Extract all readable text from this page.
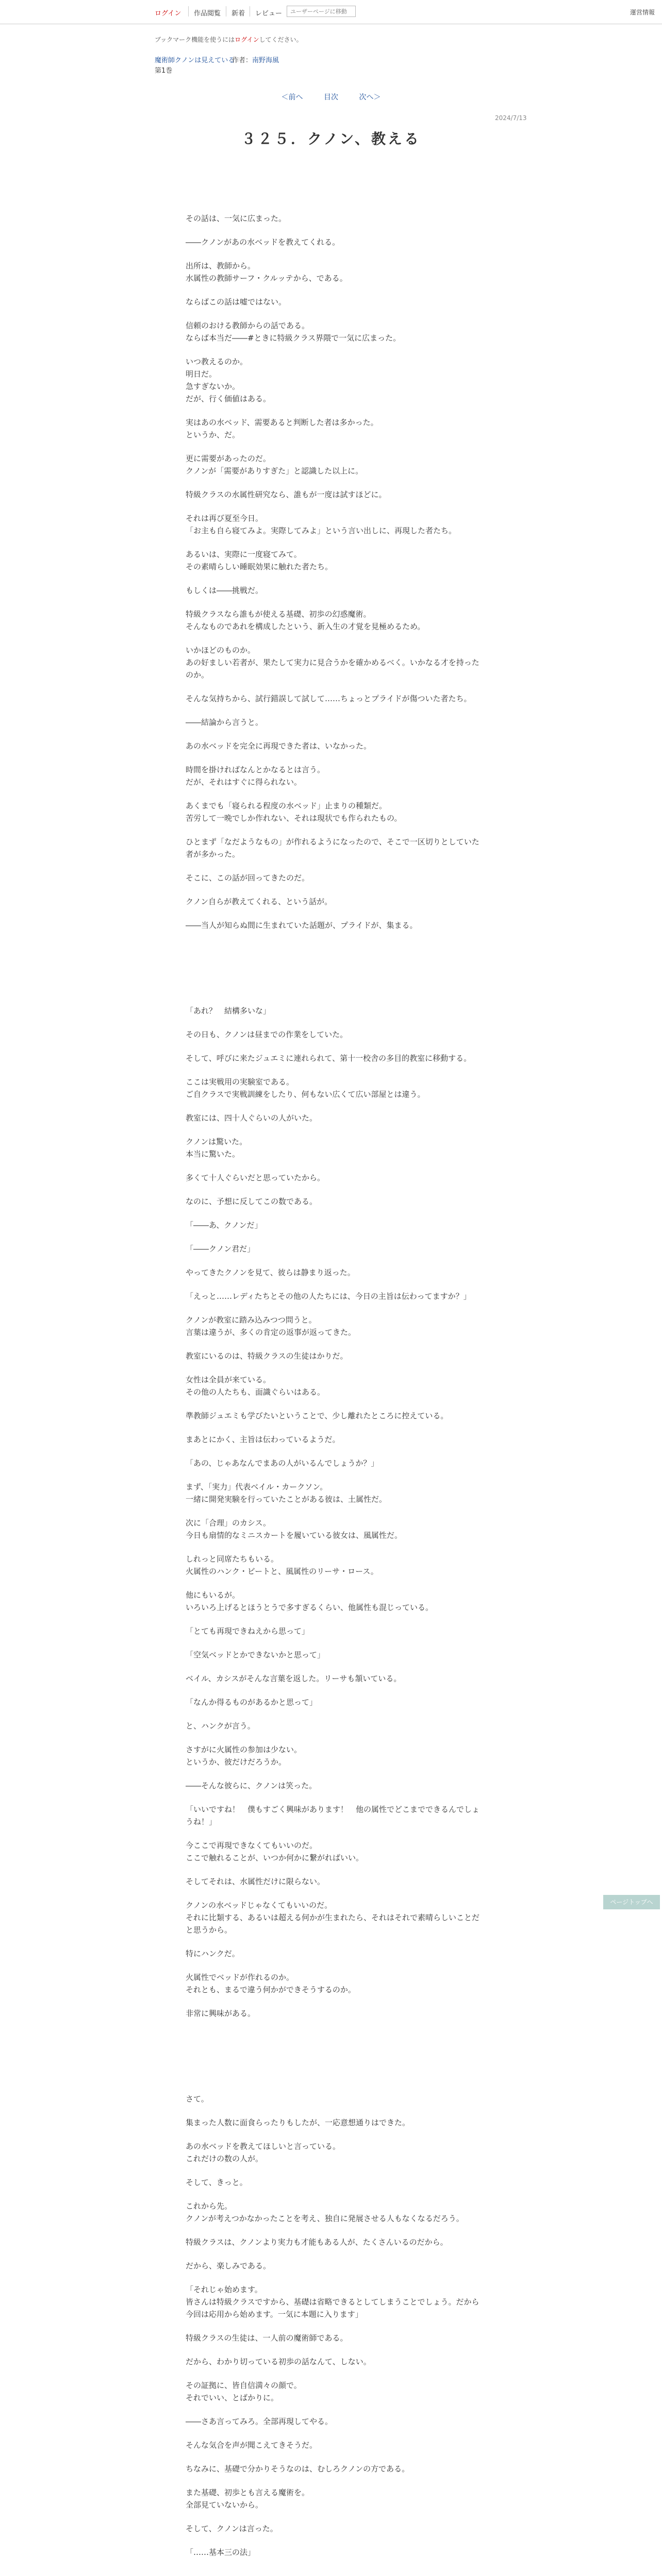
ログイン 作品閲覧 新着 レビュー
ユーザーページに移動	運営情報
ブックマーク機能を使うにはログインしてください。
魔術師クノンは見えている
作者：南野海風
第1巻
＜前へ	目次	次へ＞
2024/7/13
３２５．クノン、教える

その話は、一気に広まった。

――クノンがあの水ベッドを教えてくれる。

出所は、教師から。
水属性の教師サーフ・クルッテから、である。

ならばこの話は嘘ではない。

信頼のおける教師からの話である。
ならば本当だ――#ときに特級クラス界隈で一気に広まった。

いつ教えるのか。
明日だ。
急すぎないか。
だが、行く価値はある。

実はあの水ベッド、需要あると判断した者は多かった。
というか、だ。

更に需要があったのだ。
クノンが「需要がありすぎた」と認識した以上に。

特級クラスの水属性研究なら、誰もが一度は試すほどに。

それは再び夏至今日。
「お主も自ら寝てみよ。実際してみよ」という言い出しに、再現した者たち。

あるいは、実際に一度寝てみて。
その素晴らしい睡眠効果に触れた者たち。

もしくは――挑戦だ。

特級クラスなら誰もが使える基礎、初歩の幻惑魔術。
そんなものであれを構成したという、新入生の才覚を見極めるため。

いかほどのものか。
あの好ましい若者が、果たして実力に見合うかを確かめるべく。いかなる才を持ったのか。

そんな気持ちから、試行錯誤して試して……ちょっとプライドが傷ついた者たち。

――結論から言うと。

あの水ベッドを完全に再現できた者は、いなかった。

時間を掛ければなんとかなるとは言う。
だが、それはすぐに得られない。

あくまでも「寝られる程度の水ベッド」止まりの種類だ。
苦労して一晩でしか作れない、それは現状でも作られたもの。

ひとまず「なだようなもの」が作れるようになったので、そこで一区切りとしていた者が多かった。

そこに、この話が回ってきたのだ。

クノン自らが教えてくれる、という話が。

――当人が知らぬ間に生まれていた話題が、プライドが、集まる。

「あれ？　結構多いな」

その日も、クノンは昼までの作業をしていた。

そして、呼びに来たジュエミに連れられて、第十一校舎の多目的教室に移動する。

ここは実戦用の実験室である。
ご自クラスで実戦訓練をしたり、何もない広くて広い部屋とは違う。

教室には、四十人ぐらいの人がいた。

クノンは驚いた。
本当に驚いた。

多くて十人ぐらいだと思っていたから。

なのに、予想に反してこの数である。

「――あ、クノンだ」

「――クノン君だ」

やってきたクノンを見て、彼らは静まり返った。

「えっと……レディたちとその他の人たちには、今日の主旨は伝わってますか？」

クノンが教室に踏み込みつつ問うと。
言葉は違うが、多くの肯定の返事が返ってきた。

教室にいるのは、特級クラスの生徒はかりだ。

女性は全員が来ている。
その他の人たちも、面識ぐらいはある。

準教師ジュエミも学びたいということで、少し離れたところに控えている。

まあとにかく、主旨は伝わっているようだ。

「あの、じゃあなんでまあの人がいるんでしょうか？」

まず、「実力」代表ベイル・カークソン。
一緒に開発実験を行っていたことがある彼は、土属性だ。

次に「合理」のカシス。
今日も扇情的なミニスカートを履いている彼女は、風属性だ。

しれっと同席たちもいる。
火属性のハンク・ビートと、風属性のリーサ・ロース。

他にもいるが。
いろいろ上げるとほうとうで多すぎるくらい、他属性も混じっている。

「とても再現できねえから思って」

「空気ベッドとかできないかと思って」

ベイル、カシスがそんな言葉を返した。リーサも頷いている。

「なんか得るものがあるかと思って」

と、ハンクが言う。

さすがに火属性の参加は少ない。
というか、彼だけだろうか。

――そんな彼らに、クノンは笑った。

「いいですね！　僕もすごく興味があります！　他の属性でどこまでできるんでしょうね！」

今ここで再現できなくてもいいのだ。
ここで触れることが、いつか何かに繋がればいい。

そしてそれは、水属性だけに限らない。

クノンの水ベッドじゃなくてもいいのだ。
それに比類する、あるいは超える何かが生まれたら、それはそれで素晴らしいことだと思うから。

特にハンクだ。

火属性でベッドが作れるのか。
それとも、まるで違う何かができそうするのか。

非常に興味がある。

さて。

集まった人数に面食らったりもしたが、一応意想通りはできた。

あの水ベッドを教えてほしいと言っている。
これだけの数の人が。

そして、きっと。

これから先。
クノンが考えつかなかったことを考え、独自に発展させる人もなくなるだろう。

特級クラスは、クノンより実力も才能もある人が、たくさんいるのだから。

だから、楽しみである。

「それじゃ始めます。
皆さんは特級クラスですから、基礎は省略できるとしてしまうことでしょう。だから今回は応用から始めます。一気に本題に入ります」

特級クラスの生徒は、一人前の魔術師である。

だから、わかり切っている初歩の話なんて、しない。

その証拠に、皆自信満々の顔で。
それでいい、とばかりに。

――さあ言ってみろ。全部再現してやる。

そんな気合を声が聞こえてきそうだ。

ちなみに、基礎で分かりそうなのは、むしろクノンの方である。

また基礎、初歩とも言える魔術を。
全部見ていないから。

そして、クノンは言った。

「……基本三の法」

ページトップへ
